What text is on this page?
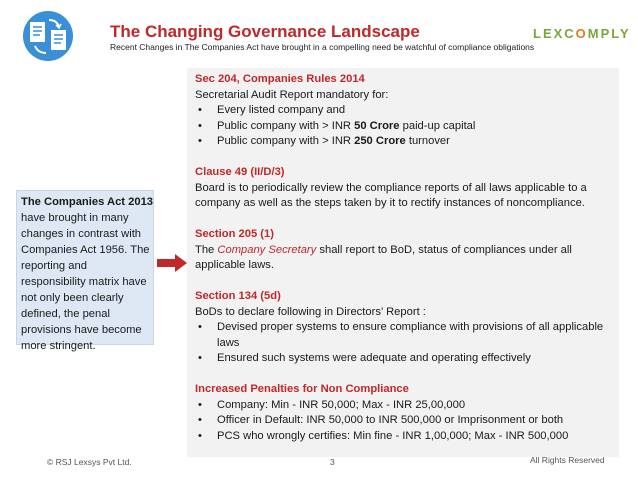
The Changing Governance Landscape
Recent Changes in The Companies Act have brought in a compelling need be watchful of compliance obligations
LEXCOMPLY
Sec 204, Companies Rules 2014
Secretarial Audit Report mandatory for:
• Every listed company and
• Public company with > INR 50 Crore paid-up capital
• Public company with > INR 250 Crore turnover
Clause 49 (II/D/3)
Board is to periodically review the compliance reports of all laws applicable to a company as well as the steps taken by it to rectify instances of noncompliance.
Section 205 (1)
The Company Secretary shall report to BoD, status of compliances under all applicable laws.
Section 134 (5d)
BoDs to declare following in Directors’ Report :
• Devised proper systems to ensure compliance with provisions of all applicable laws
• Ensured such systems were adequate and operating effectively
Increased Penalties for Non Compliance
• Company: Min - INR 50,000; Max - INR 25,00,000
• Officer in Default: INR 50,000 to INR 500,000 or Imprisonment or both
• PCS who wrongly certifies: Min fine - INR 1,00,000; Max - INR 500,000
The Companies Act 2013 have brought in many changes in contrast with Companies Act 1956. The reporting and responsibility matrix have not only been clearly defined, the penal provisions have become more stringent.
© RSJ Lexsys Pvt Ltd.	3	All Rights Reserved
